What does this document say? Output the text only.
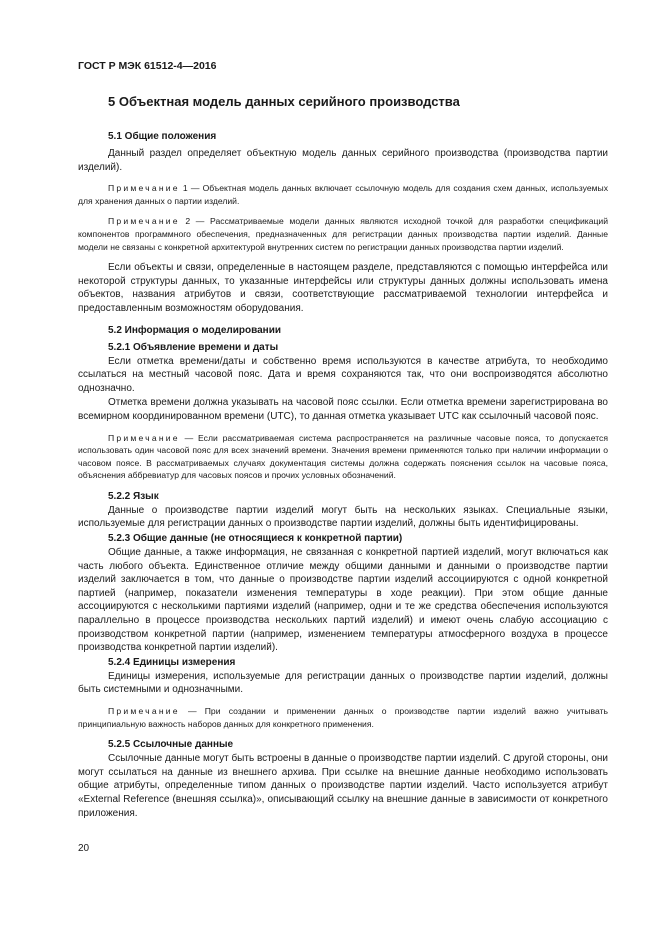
ГОСТ Р МЭК 61512-4—2016
5 Объектная модель данных серийного производства
5.1 Общие положения

Данный раздел определяет объектную модель данных серийного производства (производства партии изделий).

Примечание 1 — Объектная модель данных включает ссылочную модель для создания схем данных, используемых для хранения данных о партии изделий.

Примечание 2 — Рассматриваемые модели данных являются исходной точкой для разработки спецификаций компонентов программного обеспечения, предназначенных для регистрации данных производства партии изделий. Данные модели не связаны с конкретной архитектурой внутренних систем по регистрации данных производства партии изделий.

Если объекты и связи, определенные в настоящем разделе, представляются с помощью интерфейса или некоторой структуры данных, то указанные интерфейсы или структуры данных должны использовать имена объектов, названия атрибутов и связи, соответствующие рассматриваемой технологии интерфейса и предоставленным возможностям оборудования.

5.2 Информация о моделировании
5.2.1 Объявление времени и даты

Если отметка времени/даты и собственно время используются в качестве атрибута, то необходимо ссылаться на местный часовой пояс. Дата и время сохраняются так, что они воспроизводятся абсолютно однозначно.

Отметка времени должна указывать на часовой пояс ссылки. Если отметка времени зарегистрирована во всемирном координированном времени (UTC), то данная отметка указывает UTC как ссылочный часовой пояс.

Примечание — Если рассматриваемая система распространяется на различные часовые пояса, то допускается использовать один часовой пояс для всех значений времени. Значения времени применяются только при наличии информации о часовом поясе. В рассматриваемых случаях документация системы должна содержать пояснения ссылок на часовые пояса, объяснения аббревиатур для часовых поясов и прочих условных обозначений.

5.2.2 Язык

Данные о производстве партии изделий могут быть на нескольких языках. Специальные языки, используемые для регистрации данных о производстве партии изделий, должны быть идентифицированы.

5.2.3 Общие данные (не относящиеся к конкретной партии)

Общие данные, а также информация, не связанная с конкретной партией изделий, могут включаться как часть любого объекта. Единственное отличие между общими данными и данными о производстве партии изделий заключается в том, что данные о производстве партии изделий ассоциируются с одной конкретной партией (например, показатели изменения температуры в ходе реакции). При этом общие данные ассоциируются с несколькими партиями изделий (например, одни и те же средства обеспечения используются параллельно в процессе производства нескольких партий изделий) и имеют очень слабую ассоциацию с производством конкретной партии (например, изменением температуры атмосферного воздуха в процессе производства конкретной партии изделий).

5.2.4 Единицы измерения

Единицы измерения, используемые для регистрации данных о производстве партии изделий, должны быть системными и однозначными.

Примечание — При создании и применении данных о производстве партии изделий важно учитывать принципиальную важность наборов данных для конкретного применения.

5.2.5 Ссылочные данные

Ссылочные данные могут быть встроены в данные о производстве партии изделий. С другой стороны, они могут ссылаться на данные из внешнего архива. При ссылке на внешние данные необходимо использовать общие атрибуты, определенные типом данных о производстве партии изделий. Часто используется атрибут «External Reference (внешняя ссылка)», описывающий ссылку на внешние данные в зависимости от конкретного приложения.

20
